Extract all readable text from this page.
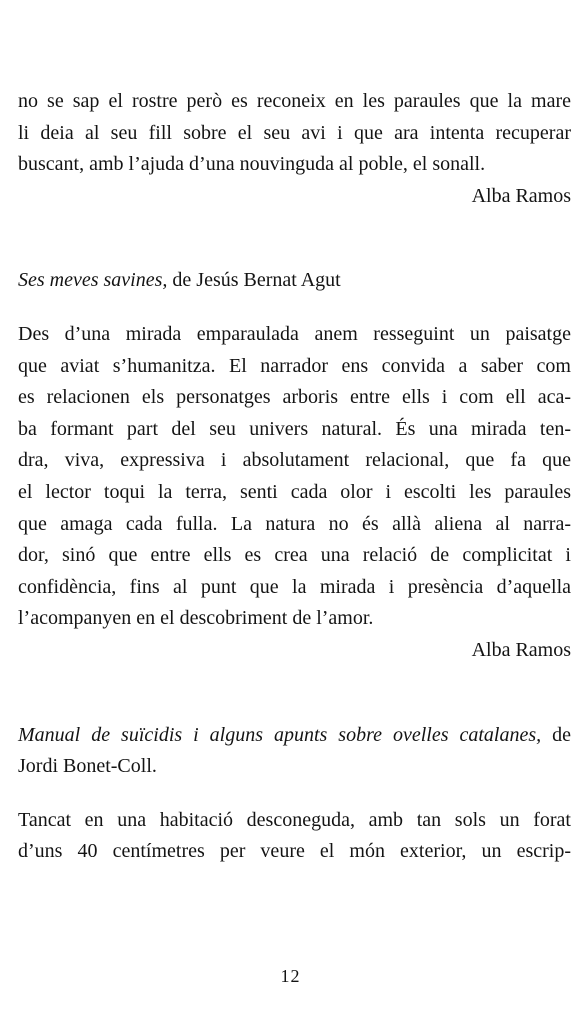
no se sap el rostre però es reconeix en les paraules que la mare
li deia al seu fill sobre el seu avi i que ara intenta recuperar
buscant, amb l’ajuda d’una nouvinguda al poble, el sonall.
Alba Ramos
Ses meves savines, de Jesús Bernat Agut
Des d’una mirada emparaulada anem resseguint un paisatge
que aviat s’humanitza. El narrador ens convida a saber com
es relacionen els personatges arboris entre ells i com ell aca-
ba formant part del seu univers natural. És una mirada ten-
dra, viva, expressiva i absolutament relacional, que fa que
el lector toqui la terra, senti cada olor i escolti les paraules
que amaga cada fulla. La natura no és allà aliena al narra-
dor, sinó que entre ells es crea una relació de complicitat i
confidència, fins al punt que la mirada i presència d’aquella
l’acompanyen en el descobriment de l’amor.
Alba Ramos
Manual de suïcidis i alguns apunts sobre ovelles catalanes, de
Jordi Bonet-Coll.
Tancat en una habitació desconeguda, amb tan sols un forat
d’uns 40 centímetres per veure el món exterior, un escrip-
12
